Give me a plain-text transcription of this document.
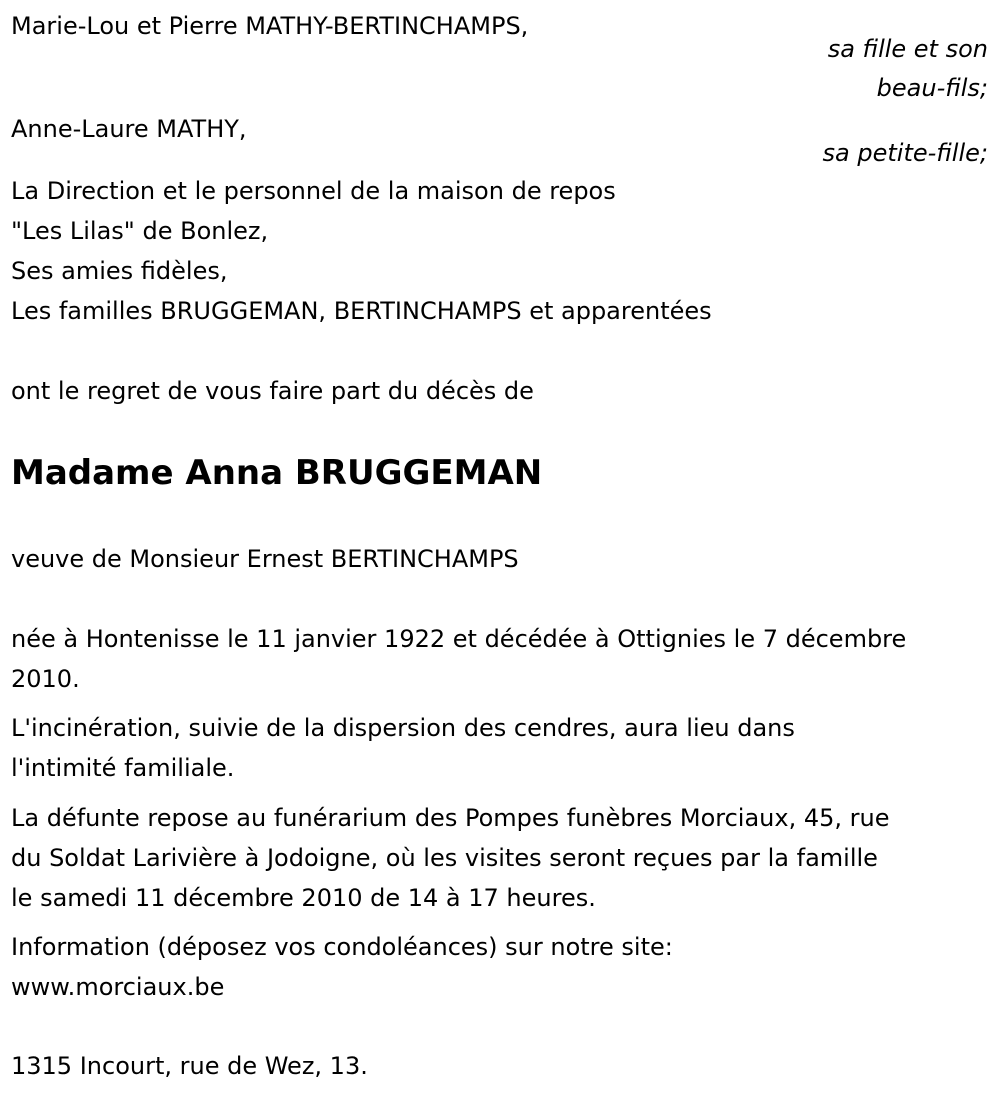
Marie-Lou et Pierre MATHY-BERTINCHAMPS,

sa fille et son

beau-fils;

Anne-Laure MATHY,

sa petite-fille;

La Direction et le personnel de la maison de repos

"Les Lilas" de Bonlez,

Ses amies fidèles,

Les familles BRUGGEMAN, BERTINCHAMPS et apparentées

ont le regret de vous faire part du décès de

Madame Anna BRUGGEMAN

veuve de Monsieur Ernest BERTINCHAMPS

née à Hontenisse le 11 janvier 1922 et décédée à Ottignies le 7 décembre

2010.

L'incinération, suivie de la dispersion des cendres, aura lieu dans

l'intimité familiale.

La défunte repose au funérarium des Pompes funèbres Morciaux, 45, rue

du Soldat Larivière à Jodoigne, où les visites seront reçues par la famille

le samedi 11 décembre 2010 de 14 à 17 heures.

Information (déposez vos condoléances) sur notre site:

www.morciaux.be

1315 Incourt, rue de Wez, 13.
